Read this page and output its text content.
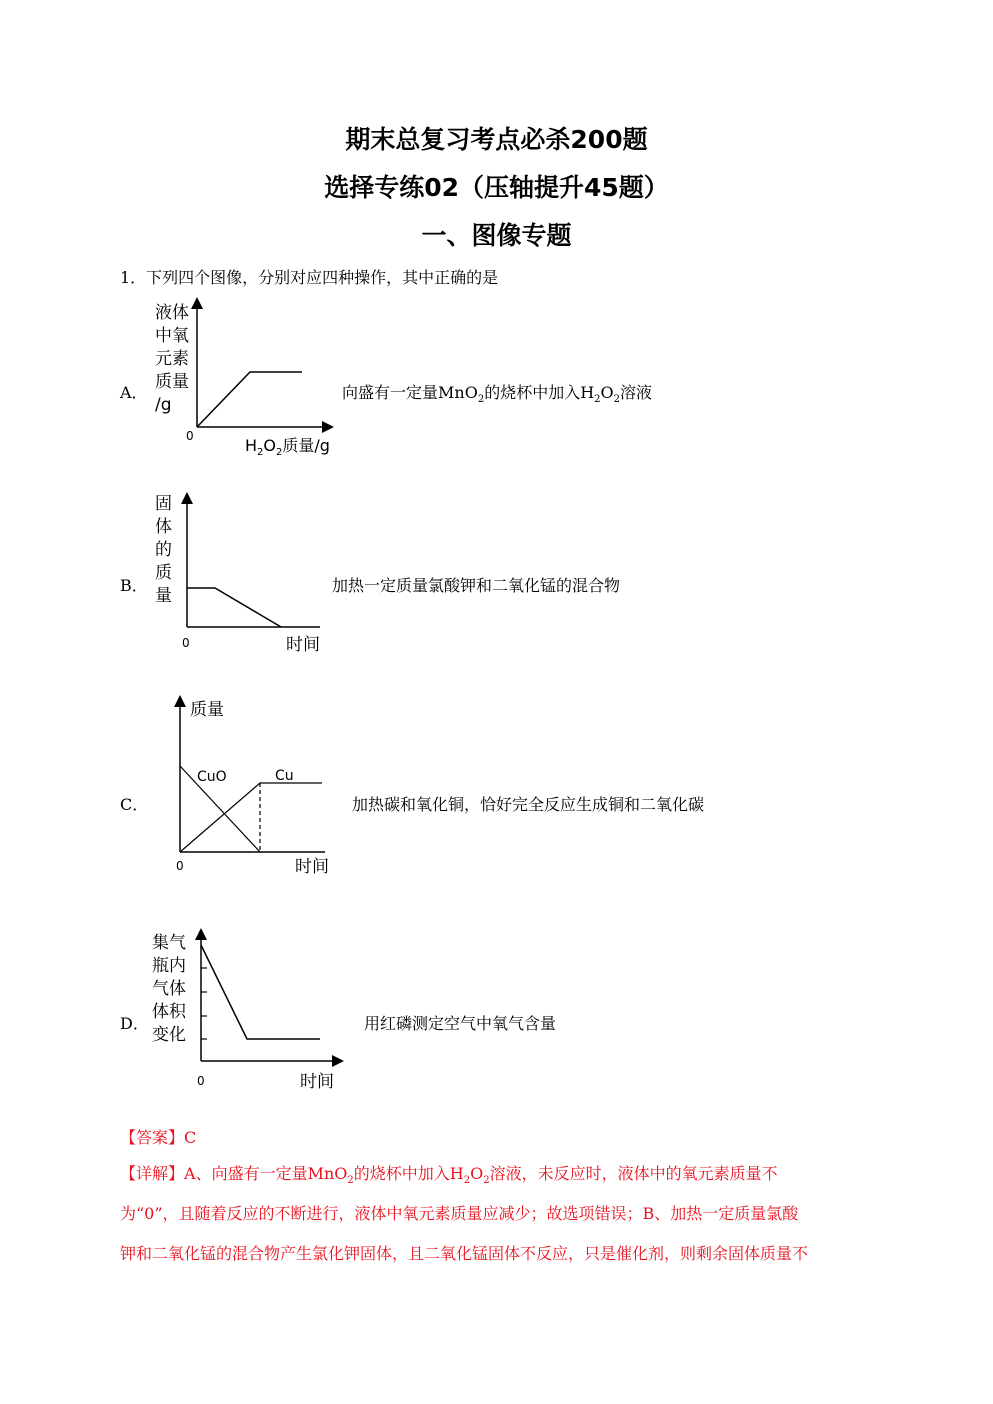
期末总复习考点必杀200题
选择专练02（压轴提升45题）
一、图像专题
1．下列四个图像，分别对应四种操作，其中正确的是
A．
液体
中氧
元素
质量
/g
0	$H_2O_2$质量/g
向盛有一定量MnO$_2$的烧杯中加入$H_2O_2$溶液
B．
固
体
的
质
量
0	时间
加热一定质量氯酸钾和二氧化锰的混合物
C．
质量
CuO	Cu
0	时间
加热碳和氧化铜，恰好完全反应生成铜和二氧化碳
D．
集气
瓶内
气体
体积
变化
0	时间
用红磷测定空气中氧气含量
【答案】C
【详解】A、向盛有一定量MnO$_2$的烧杯中加入$H_2O_2$溶液，未反应时，液体中的氧元素质量不
为“0”，且随着反应的不断进行，液体中氧元素质量应减少；故选项错误；B、加热一定质量氯酸
钾和二氧化锰的混合物产生氯化钾固体，且二氧化锰固体不反应，只是催化剂，则剩余固体质量不
